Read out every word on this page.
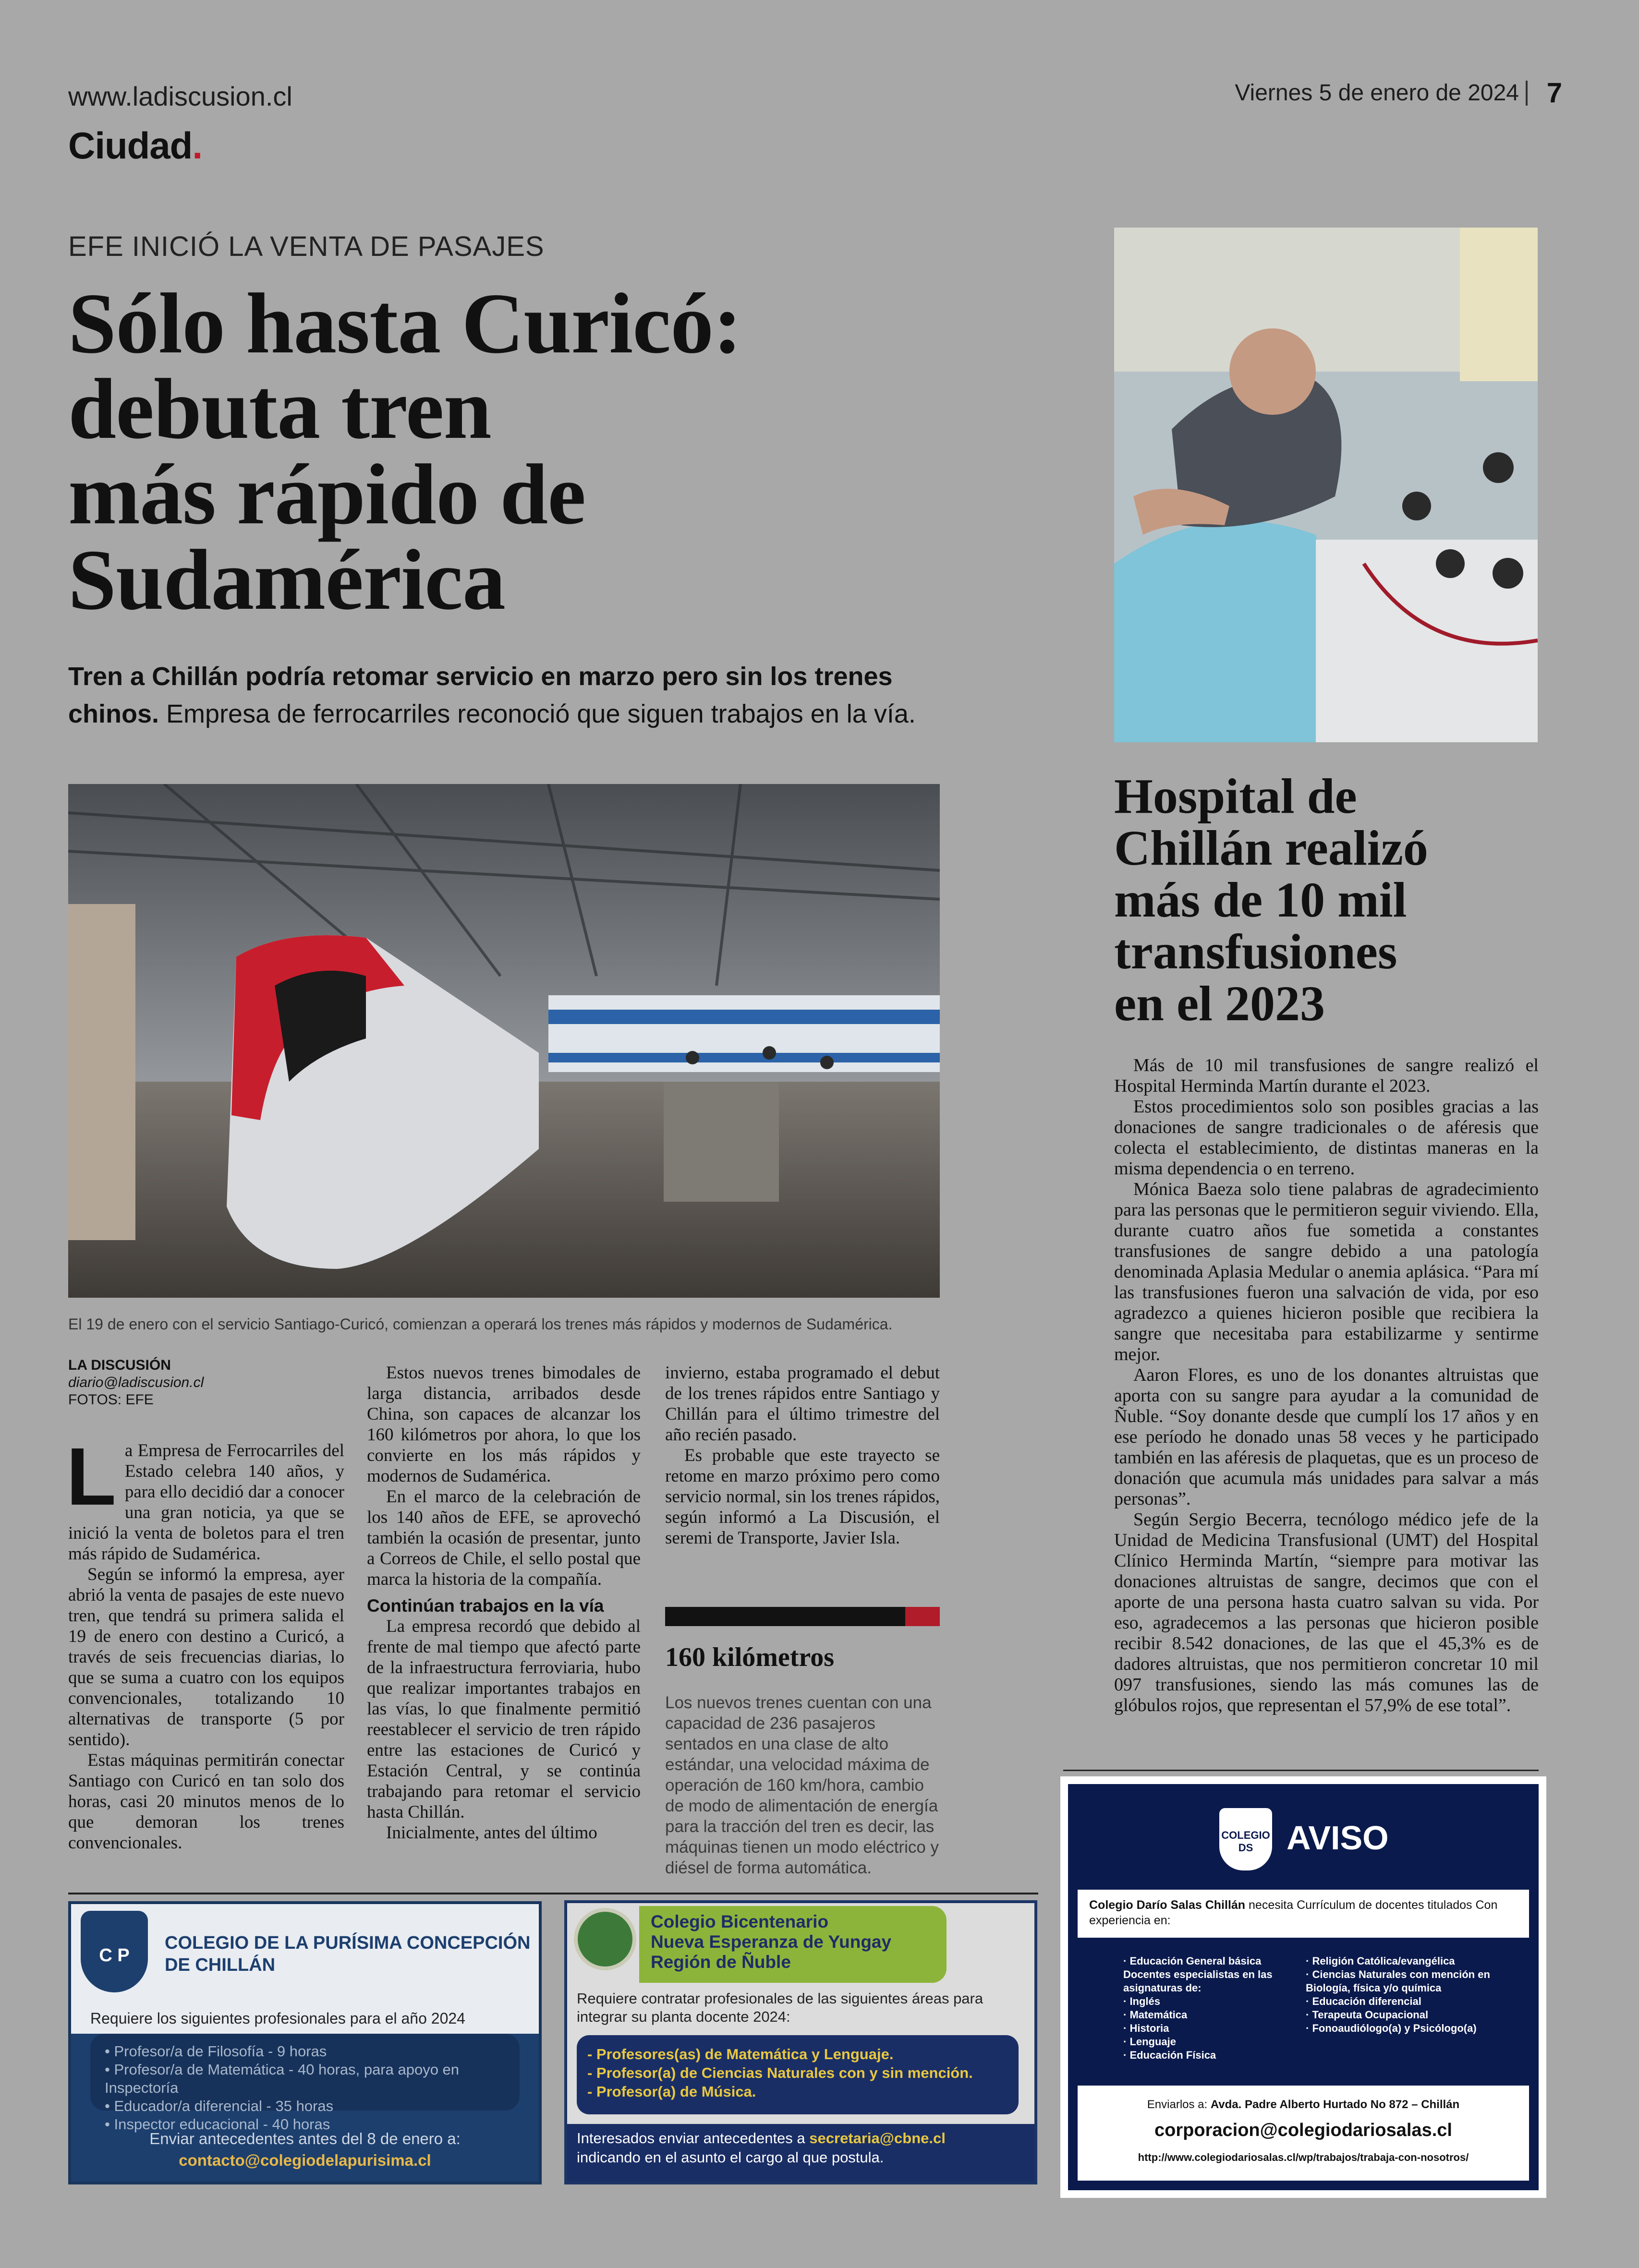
www.ladiscusion.cl	Viernes 5 de enero de 2024 7
Ciudad.
EFE INICIÓ LA VENTA DE PASAJES
Sólo hasta Curicó:
debuta tren
más rápido de
Sudamérica
Tren a Chillán podría retomar servicio en marzo pero sin los trenes chinos. Empresa de ferrocarriles reconoció que siguen trabajos en la vía.
El 19 de enero con el servicio Santiago-Curicó, comienzan a operará los trenes más rápidos y modernos de Sudamérica.
LA DISCUSIÓN
diario@ladiscusion.cl
FOTOS: EFE
L a Empresa de Ferrocarriles del Estado celebra 140 años, y para ello decidió dar a conocer una gran noticia, ya que se inició la venta de boletos para el tren más rápido de Sudamérica.

Según se informó la empresa, ayer abrió la venta de pasajes de este nuevo tren, que tendrá su primera salida el 19 de enero con destino a Curicó, a través de seis frecuencias diarias, lo que se suma a cuatro con los equipos convencionales, totalizando 10 alternativas de transporte (5 por sentido).

Estas máquinas permitirán conectar Santiago con Curicó en tan solo dos horas, casi 20 minutos menos de lo que demoran los trenes convencionales.

Estos nuevos trenes bimodales de larga distancia, arribados desde China, son capaces de alcanzar los 160 kilómetros por ahora, lo que los convierte en los más rápidos y modernos de Sudamérica.

En el marco de la celebración de los 140 años de EFE, se aprovechó también la ocasión de presentar, junto a Correos de Chile, el sello postal que marca la historia de la compañía.

Continúan trabajos en la vía

La empresa recordó que debido al frente de mal tiempo que afectó parte de la infraestructura ferroviaria, hubo que realizar importantes trabajos en las vías, lo que finalmente permitió reestablecer el servicio de tren rápido entre las estaciones de Curicó y Estación Central, y se continúa trabajando para retomar el servicio hasta Chillán.

Inicialmente, antes del último

invierno, estaba programado el debut de los trenes rápidos entre Santiago y Chillán para el último trimestre del año recién pasado.

Es probable que este trayecto se retome en marzo próximo pero como servicio normal, sin los trenes rápidos, según informó a La Discusión, el seremi de Transporte, Javier Isla.

160 kilómetros
Los nuevos trenes cuentan con una capacidad de 236 pasajeros sentados en una clase de alto estándar, una velocidad máxima de operación de 160 km/hora, cambio de modo de alimentación de energía para la tracción del tren es decir, las máquinas tienen un modo eléctrico y diésel de forma automática.
Hospital de
Chillán realizó
más de 10 mil
transfusiones
en el 2023

Más de 10 mil transfusiones de sangre realizó el Hospital Herminda Martín durante el 2023.

Estos procedimientos solo son posibles gracias a las donaciones de sangre tradicionales o de aféresis que colecta el establecimiento, de distintas maneras en la misma dependencia o en terreno.

Mónica Baeza solo tiene palabras de agradecimiento para las personas que le permitieron seguir viviendo. Ella, durante cuatro años fue sometida a constantes transfusiones de sangre debido a una patología denominada Aplasia Medular o anemia aplásica. “Para mí las transfusiones fueron una salvación de vida, por eso agradezco a quienes hicieron posible que recibiera la sangre que necesitaba para estabilizarme y sentirme mejor.

Aaron Flores, es uno de los donantes altruistas que aporta con su sangre para ayudar a la comunidad de Ñuble. “Soy donante desde que cumplí los 17 años y en ese período he donado unas 58 veces y he participado también en las aféresis de plaquetas, que es un proceso de donación que acumula más unidades para salvar a más personas”.

Según Sergio Becerra, tecnólogo médico jefe de la Unidad de Medicina Transfusional (UMT) del Hospital Clínico Herminda Martín, “siempre para motivar las donaciones altruistas de sangre, decimos que con el aporte de una persona hasta cuatro salvan su vida. Por eso, agradecemos a las personas que hicieron posible recibir 8.542 donaciones, de las que el 45,3% es de dadores altruistas, que nos permitieron concretar 10 mil 097 transfusiones, siendo las más comunes las de glóbulos rojos, que representan el 57,9% de ese total”.

C P
COLEGIO DE LA PURÍSIMA CONCEPCIÓN
DE CHILLÁN
Requiere los siguientes profesionales para el año 2024
• Profesor/a de Filosofía - 9 horas
• Profesor/a de Matemática - 40 horas, para apoyo en Inspectoría
• Educador/a diferencial - 35 horas
• Inspector educacional - 40 horas
Enviar antecedentes antes del 8 de enero a:
contacto@colegiodelapurisima.cl
Colegio Bicentenario
Nueva Esperanza de Yungay
Región de Ñuble
Requiere contratar profesionales de las siguientes áreas para integrar su planta docente 2024:
- Profesores(as) de Matemática y Lenguaje.
- Profesor(a) de Ciencias Naturales con y sin mención.
- Profesor(a) de Música.
Interesados enviar antecedentes a secretaria@cbne.cl
indicando en el asunto el cargo al que postula.
COLEGIO DS AVISO
Colegio Darío Salas Chillán necesita Currículum de docentes titulados Con experiencia en:
· Educación General básica
Docentes especialistas en las asignaturas de:
· Inglés
· Matemática
· Historia
· Lenguaje
· Educación Física
· Religión Católica/evangélica
· Ciencias Naturales con mención en Biología, física y/o química
· Educación diferencial
· Terapeuta Ocupacional
· Fonoaudiólogo(a) y Psicólogo(a)
Enviarlos a: Avda. Padre Alberto Hurtado No 872 – Chillán
corporacion@colegiodariosalas.cl
http://www.colegiodariosalas.cl/wp/trabajos/trabaja-con-nosotros/
